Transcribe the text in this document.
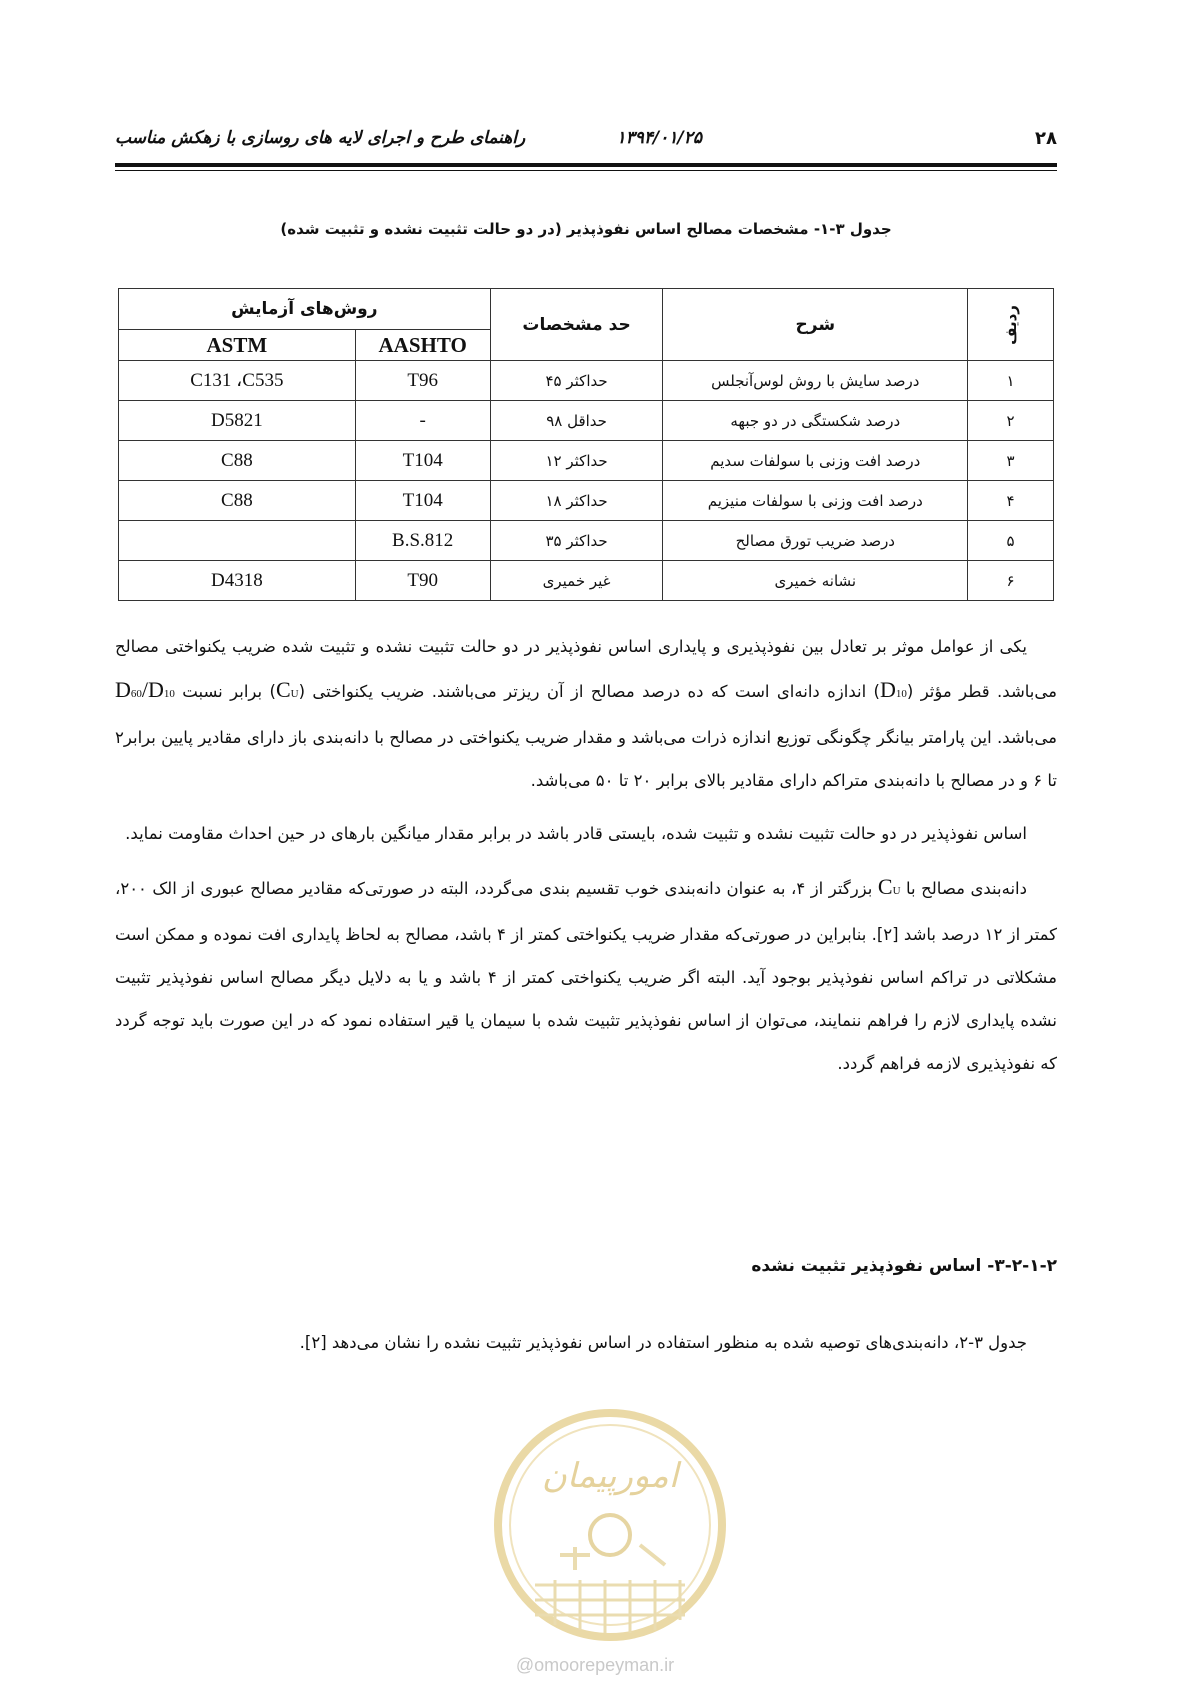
۲۸
۱۳۹۴/۰۱/۲۵
راهنمای طرح و اجرای لایه های روسازی با زهکش مناسب
جدول ۳-۱- مشخصات مصالح اساس نفوذپذیر (در دو حالت تثبیت نشده و تثبیت شده)
ردیف	شرح	حد مشخصات	روش‌های آزمایش	
			AASHTO	ASTM
۱	درصد سایش با روش لوس‌آنجلس	حداکثر ۴۵	T96	C131 ،C535
۲	درصد شکستگی در دو جبهه	حداقل ۹۸	-	D5821
۳	درصد افت وزنی با سولفات سدیم	حداکثر ۱۲	T104	C88
۴	درصد افت وزنی با سولفات منیزیم	حداکثر ۱۸	T104	C88
۵	درصد ضریب تورق مصالح	حداکثر ۳۵	B.S.812	
۶	نشانه خمیری	غیر خمیری	T90	D4318

یکی از عوامل موثر بر تعادل بین نفوذپذیری و پایداری اساس نفوذپذیر در دو حالت تثبیت نشده و تثبیت شده ضریب یکنواختی مصالح می‌باشد. قطر مؤثر (D10) اندازه دانه‌ای است که ده درصد مصالح از آن ریزتر می‌باشند. ضریب یکنواختی (CU) برابر نسبت D60/D10 می‌باشد. این پارامتر بیانگر چگونگی توزیع اندازه ذرات می‌باشد و مقدار ضریب یکنواختی در مصالح با دانه‌بندی باز دارای مقادیر پایین برابر۲ تا ۶ و در مصالح با دانه‌بندی متراکم دارای مقادیر بالای برابر ۲۰ تا ۵۰ می‌باشد.

اساس نفوذپذیر در دو حالت تثبیت نشده و تثبیت شده، بایستی قادر باشد در برابر مقدار میانگین بارهای در حین احداث مقاومت نماید.

دانه‌بندی مصالح با CU بزرگتر از ۴، به عنوان دانه‌بندی خوب تقسیم بندی می‌گردد، البته در صورتی‌که مقادیر مصالح عبوری از الک ۲۰۰، کمتر از ۱۲ درصد باشد [۲]. بنابراین در صورتی‌که مقدار ضریب یکنواختی کمتر از ۴ باشد، مصالح به لحاظ پایداری افت نموده و ممکن است مشکلاتی در تراکم اساس نفوذپذیر بوجود آید. البته اگر ضریب یکنواختی کمتر از ۴ باشد و یا به دلایل دیگر مصالح اساس نفوذپذیر تثبیت نشده پایداری لازم را فراهم ننمایند، می‌توان از اساس نفوذپذیر تثبیت شده با سیمان یا قیر استفاده نمود که در این صورت باید توجه گردد که نفوذپذیری لازمه فراهم گردد.

۳-۲-۱-۲- اساس نفوذپذیر تثبیت نشده
جدول ۳-۲، دانه‌بندی‌های توصیه شده به منظور استفاده در اساس نفوذپذیر تثبیت نشده را نشان می‌دهد [۲].
امورپیمان
@omoorepeyman.ir
